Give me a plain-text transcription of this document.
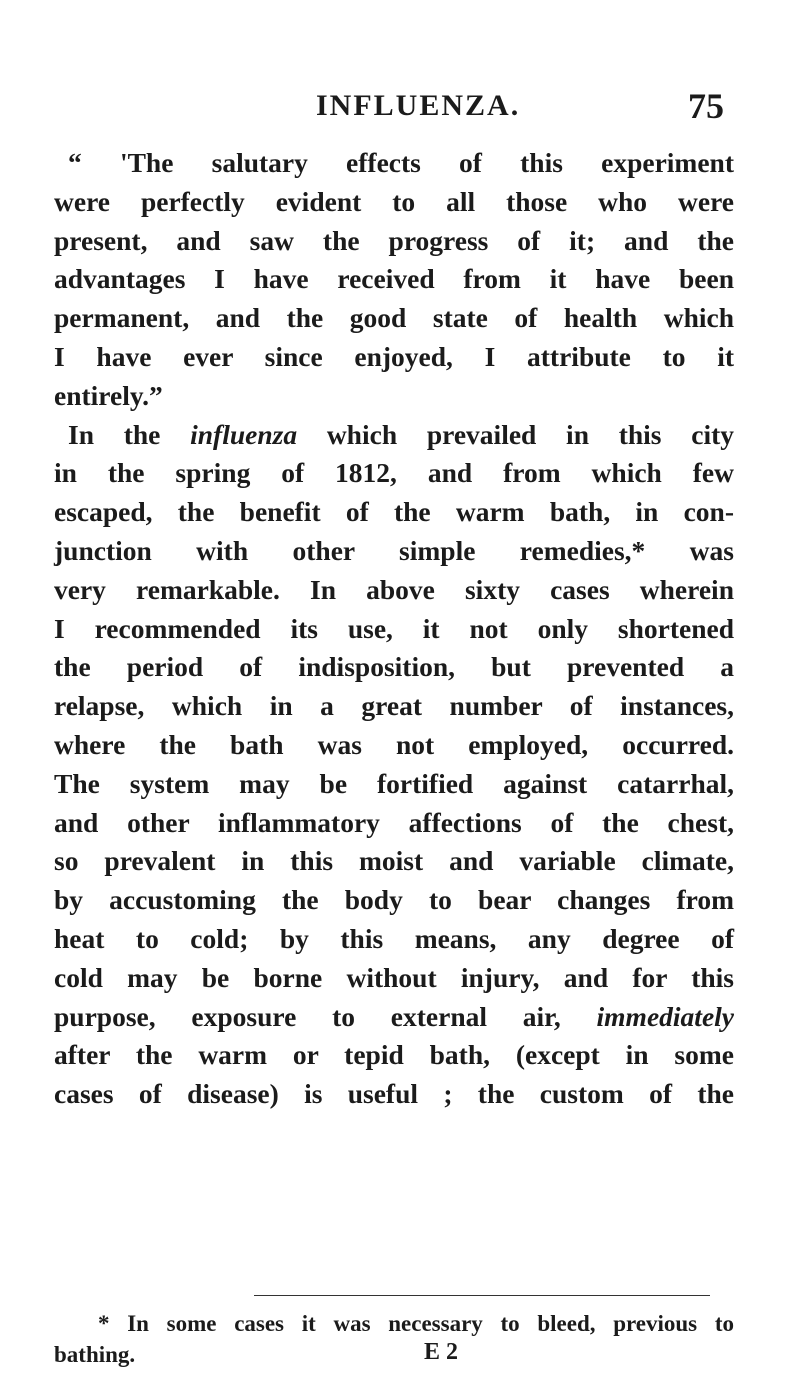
INFLUENZA.	75
“ 'The salutary effects of this experiment
were perfectly evident to all those who were
present, and saw the progress of it; and the
advantages I have received from it have been
permanent, and the good state of health which
I have ever since enjoyed, I attribute to it
entirely.”
In the influenza which prevailed in this city
in the spring of 1812, and from which few
escaped, the benefit of the warm bath, in con-
junction with other simple remedies,* was
very remarkable. In above sixty cases wherein
I recommended its use, it not only shortened
the period of indisposition, but prevented a
relapse, which in a great number of instances,
where the bath was not employed, occurred.
The system may be fortified against catarrhal,
and other inflammatory affections of the chest,
so prevalent in this moist and variable climate,
by accustoming the body to bear changes from
heat to cold; by this means, any degree of
cold may be borne without injury, and for this
purpose, exposure to external air, immediately
after the warm or tepid bath, (except in some
cases of disease) is useful ; the custom of the
* In some cases it was necessary to bleed, previous to
bathing.	E 2
